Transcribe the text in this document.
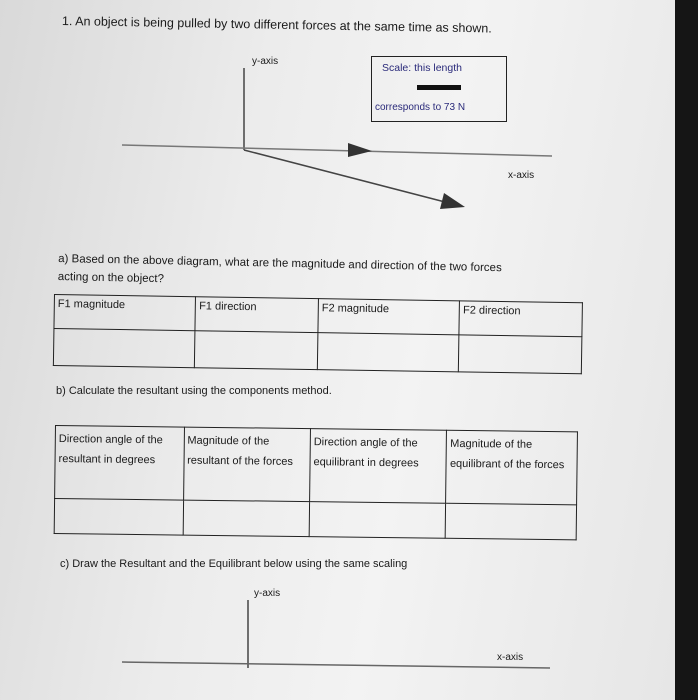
1. An object is being pulled by two different forces at the same time as shown.
y-axis
x-axis
Scale: this length
corresponds to 73 N
a) Based on the above diagram, what are the magnitude and direction of the two forces
acting on the object?
F1 magnitude	F1 direction	F2 magnitude	F2 direction

b) Calculate the resultant using the components method.
Direction angle of the resultant in degrees	Magnitude of the resultant of the forces	Direction angle of the equilibrant in degrees	Magnitude of the equilibrant of the forces

c) Draw the Resultant and the Equilibrant below using the same scaling
y-axis
x-axis
